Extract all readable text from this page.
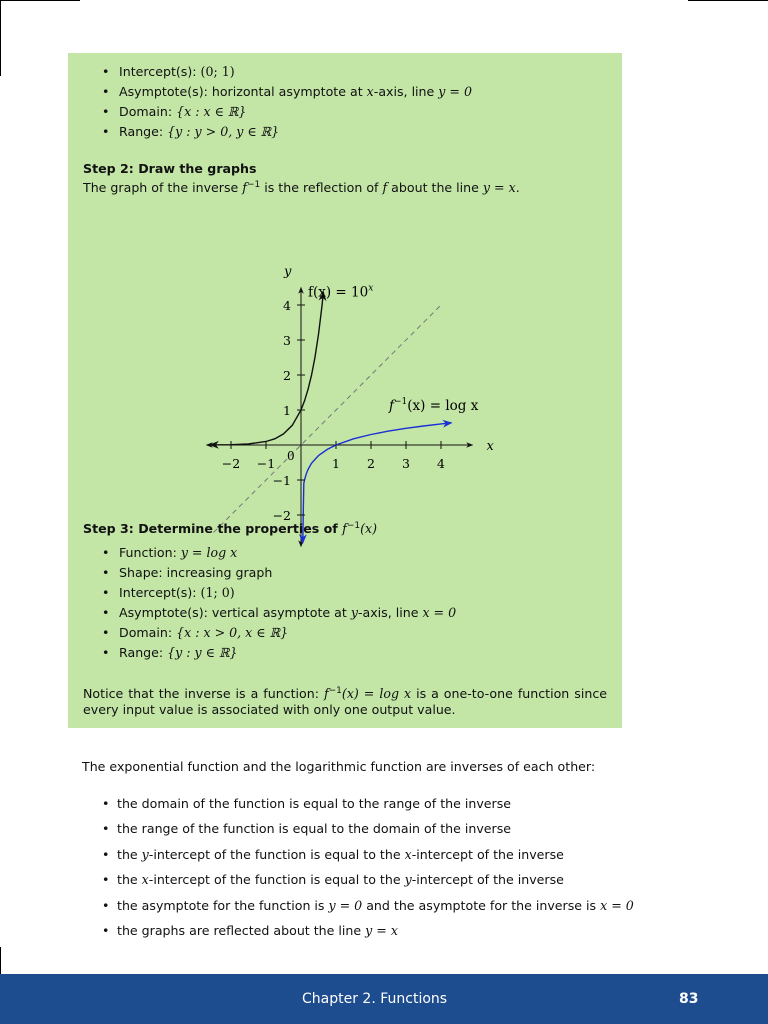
• Intercept(s): (0; 1)
• Asymptote(s): horizontal asymptote at x-axis, line y = 0
• Domain: {x : x ∈ ℝ}
• Range: {y : y > 0, y ∈ ℝ}
Step 2: Draw the graphs
The graph of the inverse $f^{-1}$ is the reflection of f about the line y = x.
−2 −1	1 2 3 4
−2
−1
1
2
3
4
x
y
0
$f(x) = 10^x$
$f^{-1}(x) = \log x$
Step 3: Determine the properties of $f^{-1}(x)$
• Function: y = log x
• Shape: increasing graph
• Intercept(s): (1; 0)
• Asymptote(s): vertical asymptote at y-axis, line x = 0
• Domain: {x : x > 0, x ∈ ℝ}
• Range: {y : y ∈ ℝ}
Notice that the inverse is a function: $f^{-1}(x) = \log x$ is a one-to-one function since every input value is associated with only one output value.
The exponential function and the logarithmic function are inverses of each other:
• the domain of the function is equal to the range of the inverse
• the range of the function is equal to the domain of the inverse
• the y-intercept of the function is equal to the x-intercept of the inverse
• the x-intercept of the function is equal to the y-intercept of the inverse
• the asymptote for the function is y = 0 and the asymptote for the inverse is x = 0
• the graphs are reflected about the line y = x
Chapter 2. Functions	83
